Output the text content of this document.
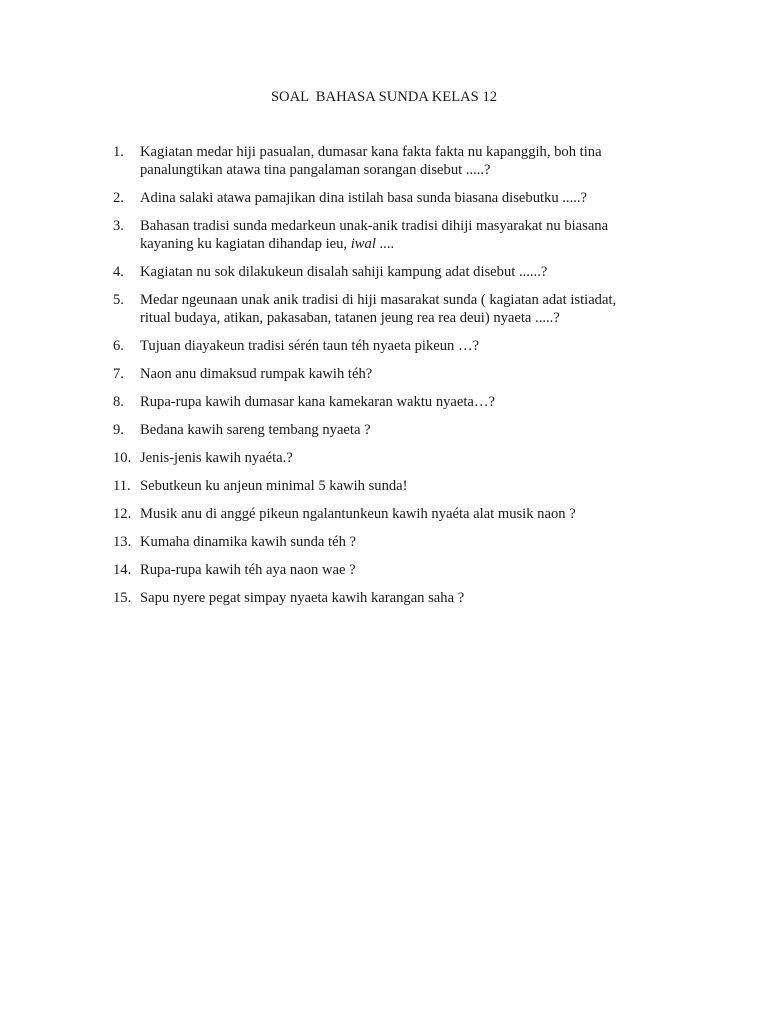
SOAL  BAHASA SUNDA KELAS 12
1.	Kagiatan medar hiji pasualan, dumasar kana fakta fakta nu kapanggih, boh tina
panalungtikan atawa tina pangalaman sorangan disebut .....?
2.	Adina salaki atawa pamajikan dina istilah basa sunda biasana disebutku .....?
3.	Bahasan tradisi sunda medarkeun unak-anik tradisi dihiji masyarakat nu biasana
kayaning ku kagiatan dihandap ieu, iwal ....
4.	Kagiatan nu sok dilakukeun disalah sahiji kampung adat disebut ......?
5.	Medar ngeunaan unak anik tradisi di hiji masarakat sunda ( kagiatan adat istiadat,
ritual budaya, atikan, pakasaban, tatanen jeung rea rea deui) nyaeta .....?
6.	Tujuan diayakeun tradisi sérén taun téh nyaeta pikeun …?
7.	Naon anu dimaksud rumpak kawih téh?
8.	Rupa-rupa kawih dumasar kana kamekaran waktu nyaeta…?
9.	Bedana kawih sareng tembang nyaeta ?
10. Jenis-jenis kawih nyaéta.?
11. Sebutkeun ku anjeun minimal 5 kawih sunda!
12. Musik anu di anggé pikeun ngalantunkeun kawih nyaéta alat musik naon ?
13. Kumaha dinamika kawih sunda téh ?
14. Rupa-rupa kawih téh aya naon wae ?
15. Sapu nyere pegat simpay nyaeta kawih karangan saha ?
